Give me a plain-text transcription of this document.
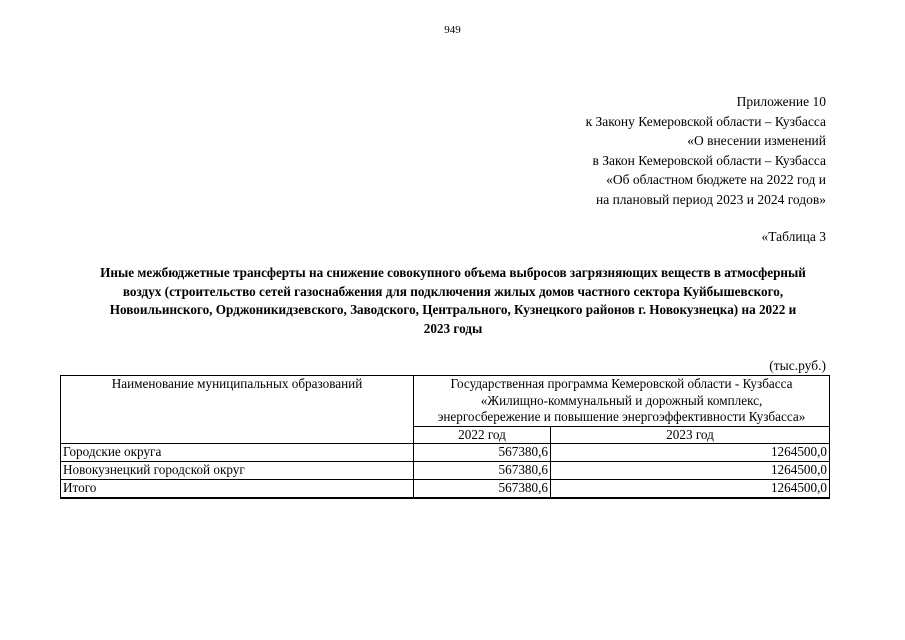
949
Приложение 10
к Закону Кемеровской области – Кузбасса
«О внесении изменений
в Закон Кемеровской области – Кузбасса
«Об областном бюджете на 2022 год и
на плановый период 2023 и 2024 годов»
«Таблица 3
Иные межбюджетные трансферты на снижение совокупного объема выбросов загрязняющих веществ в атмосферный
воздух (строительство сетей газоснабжения для подключения жилых домов частного сектора Куйбышевского,
Новоильинского, Орджоникидзевского, Заводского, Центрального, Кузнецкого районов г. Новокузнецка) на 2022 и
2023 годы
(тыс.руб.)
Наименование муниципальных образований	Государственная программа Кемеровской области - Кузбасса
«Жилищно-коммунальный и дорожный комплекс,
энергосбережение и повышение энергоэффективности Кузбасса»	

	2022 год	2023 год
Городские округа	567380,6	1264500,0
Новокузнецкий городской округ	567380,6	1264500,0
Итого	567380,6	1264500,0
